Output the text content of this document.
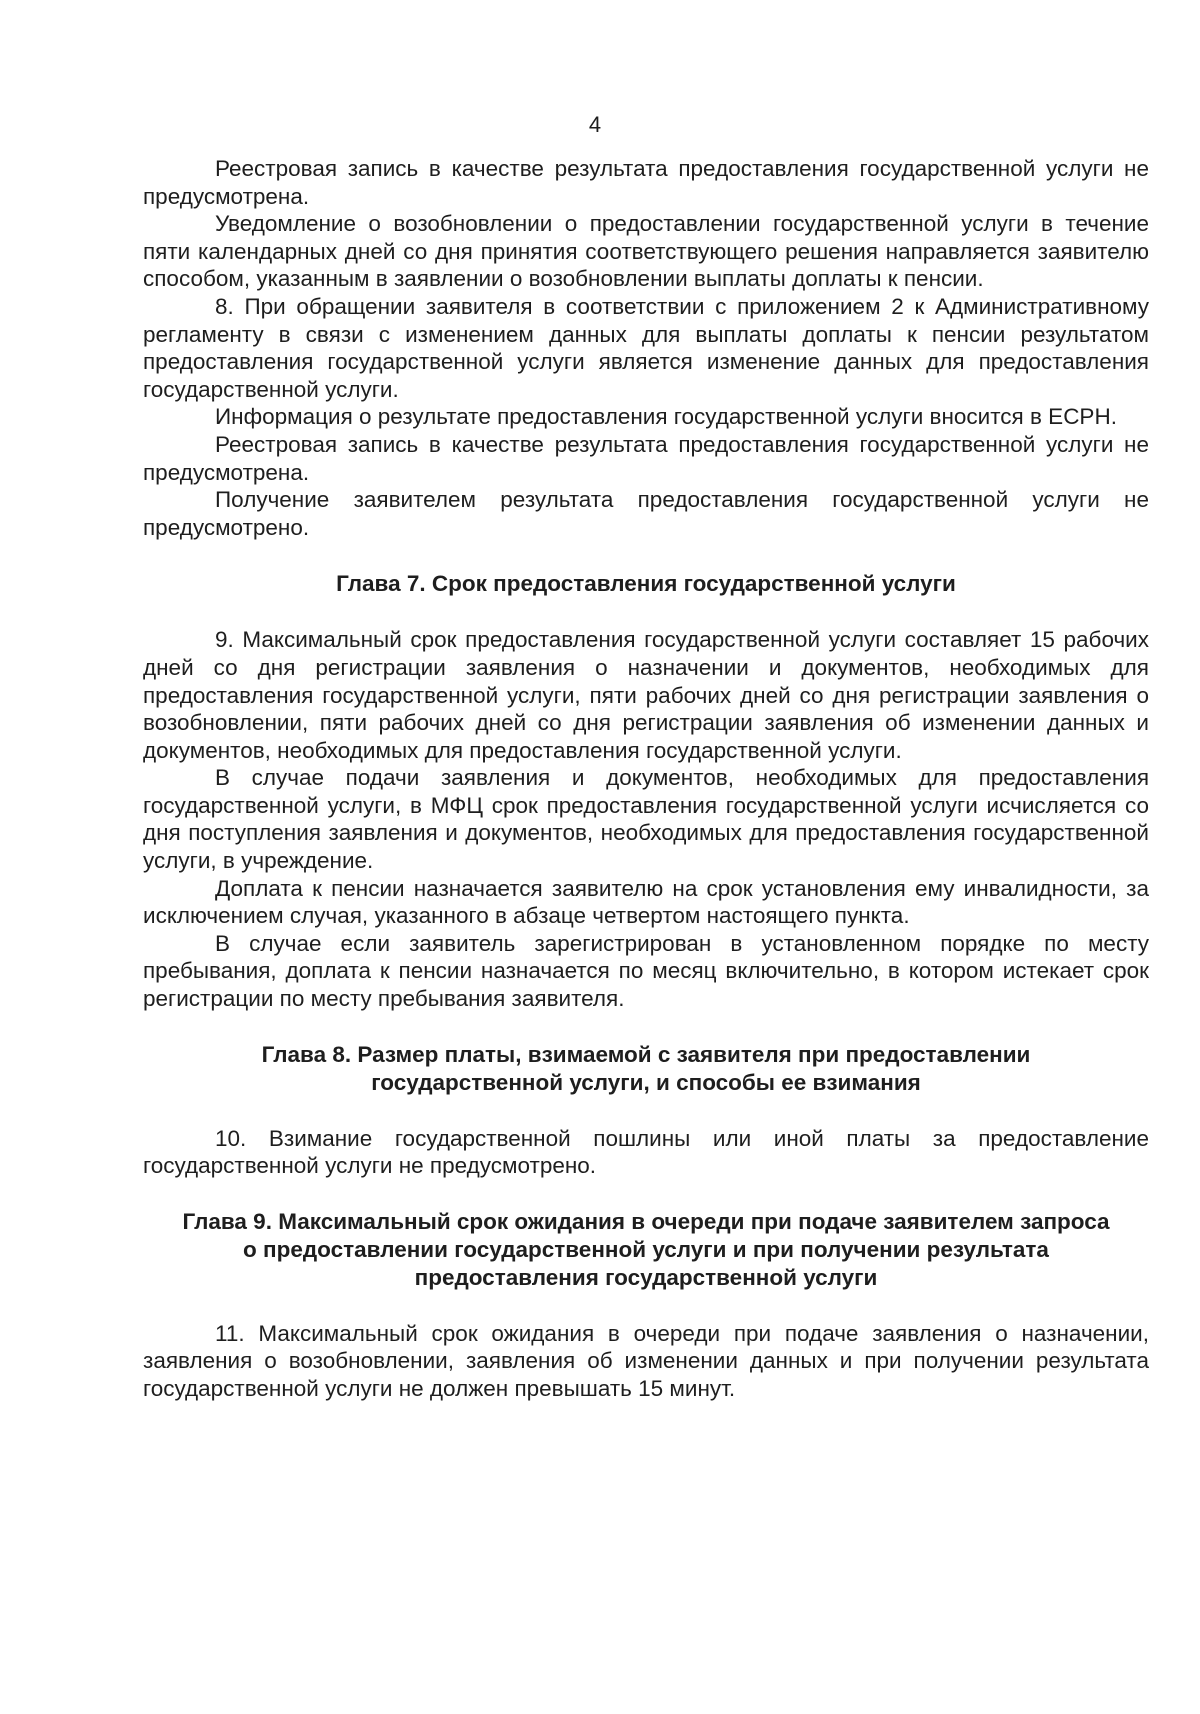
4

Реестровая запись в качестве результата предоставления государственной услуги не предусмотрена.

Уведомление о возобновлении о предоставлении государственной услуги в течение пяти календарных дней со дня принятия соответствующего решения направляется заявителю способом, указанным в заявлении о возобновлении выплаты доплаты к пенсии.

8. При обращении заявителя в соответствии с приложением 2 к Административному регламенту в связи с изменением данных для выплаты доплаты к пенсии результатом предоставления государственной услуги является изменение данных для предоставления государственной услуги.

Информация о результате предоставления государственной услуги вносится в ЕСРН.

Реестровая запись в качестве результата предоставления государственной услуги не предусмотрена.

Получение заявителем результата предоставления государственной услуги не предусмотрено.

Глава 7. Срок предоставления государственной услуги

9. Максимальный срок предоставления государственной услуги составляет 15 рабочих дней со дня регистрации заявления о назначении и документов, необходимых для предоставления государственной услуги, пяти рабочих дней со дня регистрации заявления о возобновлении, пяти рабочих дней со дня регистрации заявления об изменении данных и документов, необходимых для предоставления государственной услуги.

В случае подачи заявления и документов, необходимых для предоставления государственной услуги, в МФЦ срок предоставления государственной услуги исчисляется со дня поступления заявления и документов, необходимых для предоставления государственной услуги, в учреждение.

Доплата к пенсии назначается заявителю на срок установления ему инвалидности, за исключением случая, указанного в абзаце четвертом настоящего пункта.

В случае если заявитель зарегистрирован в установленном порядке по месту пребывания, доплата к пенсии назначается по месяц включительно, в котором истекает срок регистрации по месту пребывания заявителя.

Глава 8. Размер платы, взимаемой с заявителя при предоставлении
государственной услуги, и способы ее взимания

10. Взимание государственной пошлины или иной платы за предоставление государственной услуги не предусмотрено.

Глава 9. Максимальный срок ожидания в очереди при подаче заявителем запроса
о предоставлении государственной услуги и при получении результата
предоставления государственной услуги

11. Максимальный срок ожидания в очереди при подаче заявления о назначении, заявления о возобновлении, заявления об изменении данных и при получении результата государственной услуги не должен превышать 15 минут.
